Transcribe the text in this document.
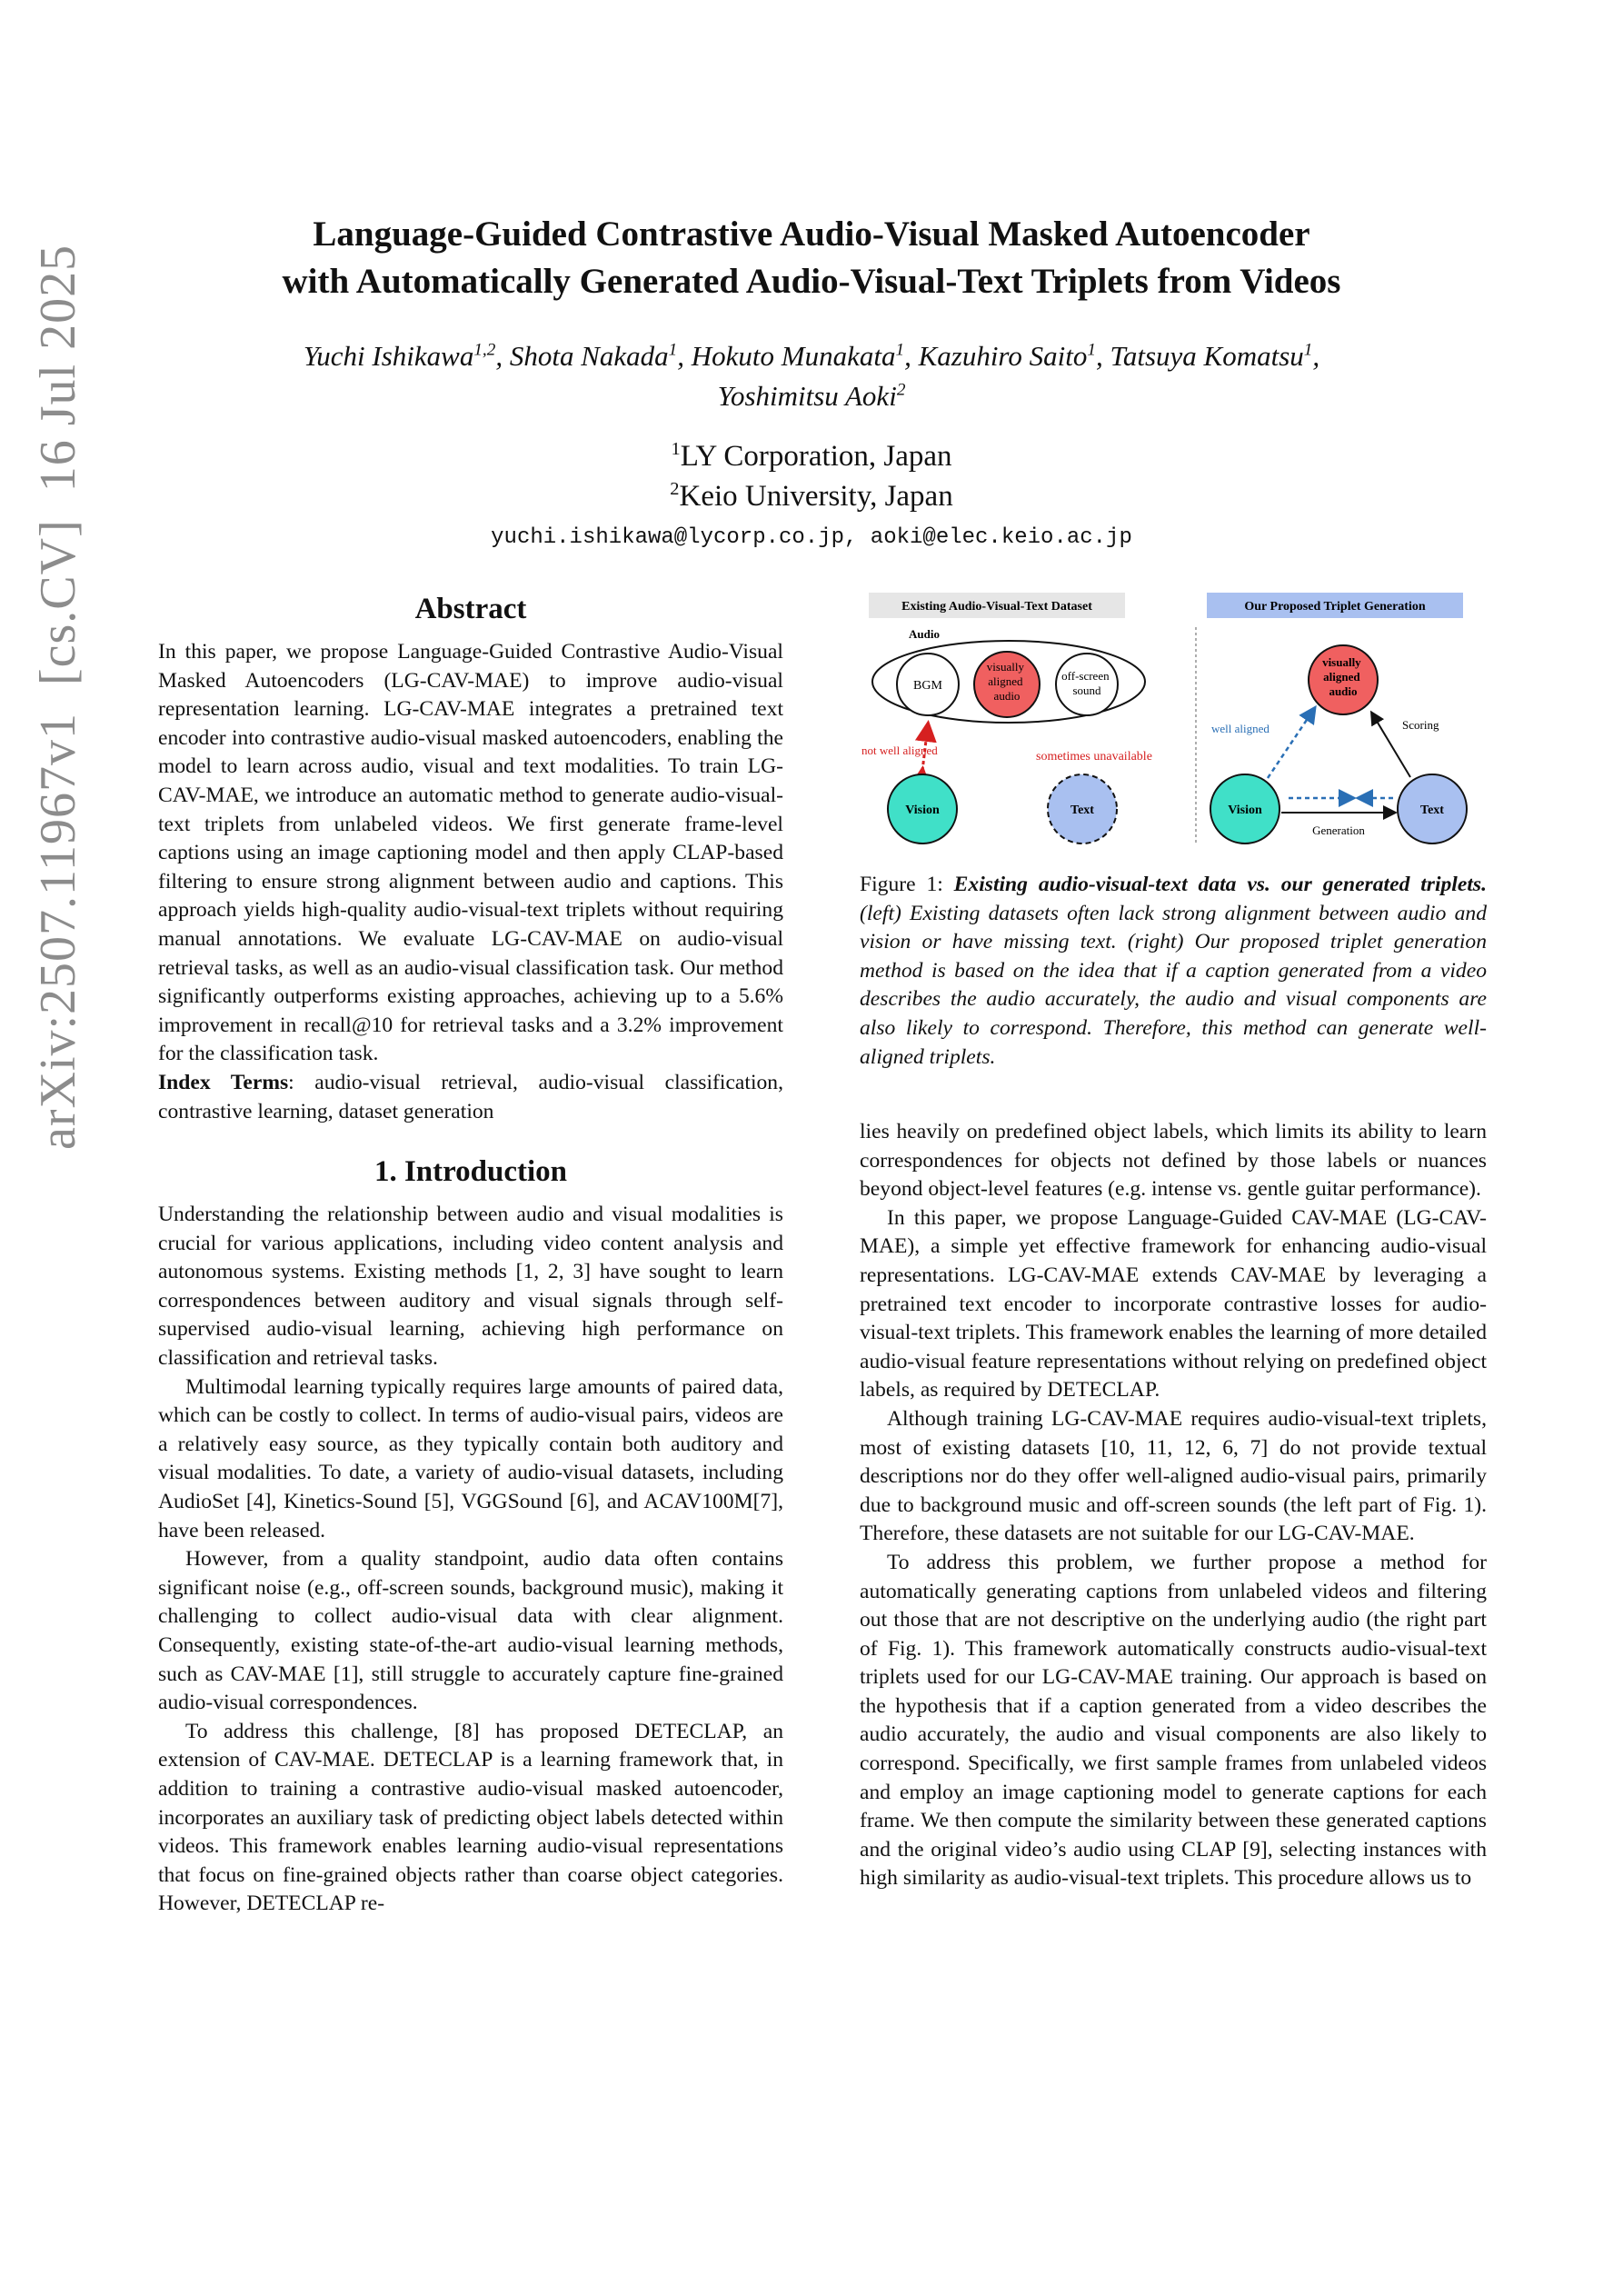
arXiv:2507.11967v1  [cs.CV]  16 Jul 2025
Language-Guided Contrastive Audio-Visual Masked Autoencoder
with Automatically Generated Audio-Visual-Text Triplets from Videos
Yuchi Ishikawa$^{1,2}$, Shota Nakada$^1$, Hokuto Munakata$^1$, Kazuhiro Saito$^1$, Tatsuya Komatsu$^1$,
Yoshimitsu Aoki$^2$
$^1$LY Corporation, Japan
$^2$Keio University, Japan
yuchi.ishikawa@lycorp.co.jp, aoki@elec.keio.ac.jp
Abstract

In this paper, we propose Language-Guided Contrastive Audio-Visual Masked Autoencoders (LG-CAV-MAE) to improve audio-visual representation learning. LG-CAV-MAE integrates a pretrained text encoder into contrastive audio-visual masked autoencoders, enabling the model to learn across audio, visual and text modalities. To train LG-CAV-MAE, we introduce an automatic method to generate audio-visual-text triplets from unlabeled videos. We first generate frame-level captions using an image captioning model and then apply CLAP-based filtering to ensure strong alignment between audio and captions. This approach yields high-quality audio-visual-text triplets without requiring manual annotations. We evaluate LG-CAV-MAE on audio-visual retrieval tasks, as well as an audio-visual classification task. Our method significantly outperforms existing approaches, achieving up to a 5.6% improvement in recall@10 for retrieval tasks and a 3.2% improvement for the classification task.

Index Terms: audio-visual retrieval, audio-visual classification, contrastive learning, dataset generation

1. Introduction

Understanding the relationship between audio and visual modalities is crucial for various applications, including video content analysis and autonomous systems. Existing methods [1, 2, 3] have sought to learn correspondences between auditory and visual signals through self-supervised audio-visual learning, achieving high performance on classification and retrieval tasks.

Multimodal learning typically requires large amounts of paired data, which can be costly to collect. In terms of audio-visual pairs, videos are a relatively easy source, as they typically contain both auditory and visual modalities. To date, a variety of audio-visual datasets, including AudioSet [4], Kinetics-Sound [5], VGGSound [6], and ACAV100M[7], have been released.

However, from a quality standpoint, audio data often contains significant noise (e.g., off-screen sounds, background music), making it challenging to collect audio-visual data with clear alignment. Consequently, existing state-of-the-art audio-visual learning methods, such as CAV-MAE [1], still struggle to accurately capture fine-grained audio-visual correspondences.

To address this challenge, [8] has proposed DETECLAP, an extension of CAV-MAE. DETECLAP is a learning framework that, in addition to training a contrastive audio-visual masked autoencoder, incorporates an auxiliary task of predicting object labels detected within videos. This framework enables learning audio-visual representations that focus on fine-grained objects rather than coarse object categories. However, DETECLAP re-

Existing Audio-Visual-Text Dataset	Our Proposed Triplet Generation
Audio
BGM
visually aligned audio
off-screen sound
not well aligned	sometimes unavailable
Vision	Text
visually aligned audio
Vision	Text
well aligned	Scoring
Generation
Figure 1: Existing audio-visual-text data vs. our generated triplets. (left) Existing datasets often lack strong alignment between audio and vision or have missing text. (right) Our proposed triplet generation method is based on the idea that if a caption generated from a video describes the audio accurately, the audio and visual components are also likely to correspond. Therefore, this method can generate well-aligned triplets.

lies heavily on predefined object labels, which limits its ability to learn correspondences for objects not defined by those labels or nuances beyond object-level features (e.g. intense vs. gentle guitar performance).

In this paper, we propose Language-Guided CAV-MAE (LG-CAV-MAE), a simple yet effective framework for enhancing audio-visual representations. LG-CAV-MAE extends CAV-MAE by leveraging a pretrained text encoder to incorporate contrastive losses for audio-visual-text triplets. This framework enables the learning of more detailed audio-visual feature representations without relying on predefined object labels, as required by DETECLAP.

Although training LG-CAV-MAE requires audio-visual-text triplets, most of existing datasets [10, 11, 12, 6, 7] do not provide textual descriptions nor do they offer well-aligned audio-visual pairs, primarily due to background music and off-screen sounds (the left part of Fig. 1). Therefore, these datasets are not suitable for our LG-CAV-MAE.

To address this problem, we further propose a method for automatically generating captions from unlabeled videos and filtering out those that are not descriptive on the underlying audio (the right part of Fig. 1). This framework automatically constructs audio-visual-text triplets used for our LG-CAV-MAE training. Our approach is based on the hypothesis that if a caption generated from a video describes the audio accurately, the audio and visual components are also likely to correspond. Specifically, we first sample frames from unlabeled videos and employ an image captioning model to generate captions for each frame. We then compute the similarity between these generated captions and the original video’s audio using CLAP [9], selecting instances with high similarity as audio-visual-text triplets. This procedure allows us to
